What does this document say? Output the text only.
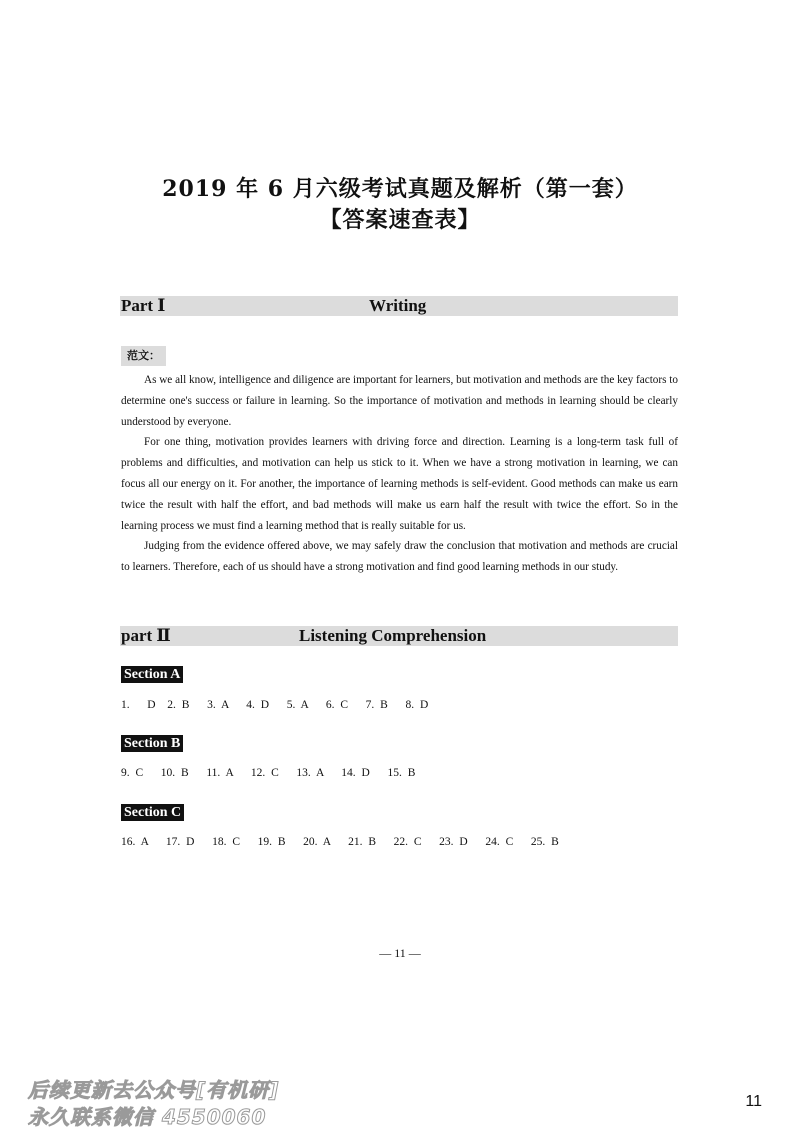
2019 年 6 月六级考试真题及解析（第一套）
【答案速查表】
Part Ⅰ	Writing
范文：

As we all know, intelligence and diligence are important for learners, but motivation and methods are the key factors to determine one's success or failure in learning. So the importance of motivation and methods in learning should be clearly understood by everyone.

For one thing, motivation provides learners with driving force and direction. Learning is a long-term task full of problems and difficulties, and motivation can help us stick to it. When we have a strong motivation in learning, we can focus all our energy on it. For another, the importance of learning methods is self-evident. Good methods can make us earn twice the result with half the effort, and bad methods will make us earn half the result with twice the effort. So in the learning process we must find a learning method that is really suitable for us.

Judging from the evidence offered above, we may safely draw the conclusion that motivation and methods are crucial to learners. Therefore, each of us should have a strong motivation and find good learning methods in our study.

part Ⅱ	Listening Comprehension
Section A
1.   D  2. B   3. A   4. D   5. A   6. C   7. B   8. D
Section B
9. C   10. B   11. A   12. C   13. A   14. D   15. B
Section C
16. A   17. D   18. C   19. B   20. A   21. B   22. C   23. D   24. C   25. B
— 11 —
后续更新去公众号[有机研]
永久联系微信 4550060
11
